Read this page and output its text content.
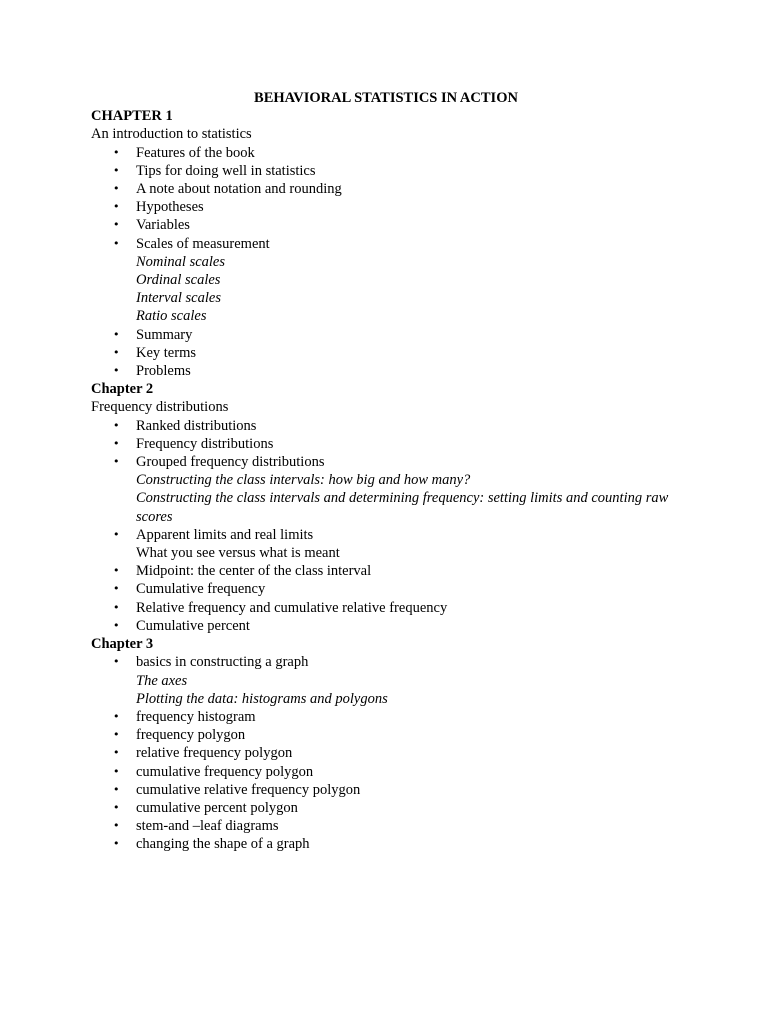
BEHAVIORAL STATISTICS IN ACTION
CHAPTER 1
An introduction to statistics
• Features of the book
• Tips for doing well in statistics
• A note about notation and rounding
• Hypotheses
• Variables
• Scales of measurement
Nominal scales
Ordinal scales
Interval scales
Ratio scales
• Summary
• Key terms
• Problems
Chapter 2
Frequency distributions
• Ranked distributions
• Frequency distributions
• Grouped frequency distributions
Constructing the class intervals: how big and how many?
Constructing the class intervals and determining frequency: setting limits and counting raw scores
• Apparent limits and real limits
What you see versus what is meant
• Midpoint: the center of the class interval
• Cumulative frequency
• Relative frequency and cumulative relative frequency
• Cumulative percent
Chapter 3
• basics in constructing a graph
The axes
Plotting the data: histograms and polygons
• frequency histogram
• frequency polygon
• relative frequency polygon
• cumulative frequency polygon
• cumulative relative frequency polygon
• cumulative percent polygon
• stem-and –leaf diagrams
• changing the shape of a graph
